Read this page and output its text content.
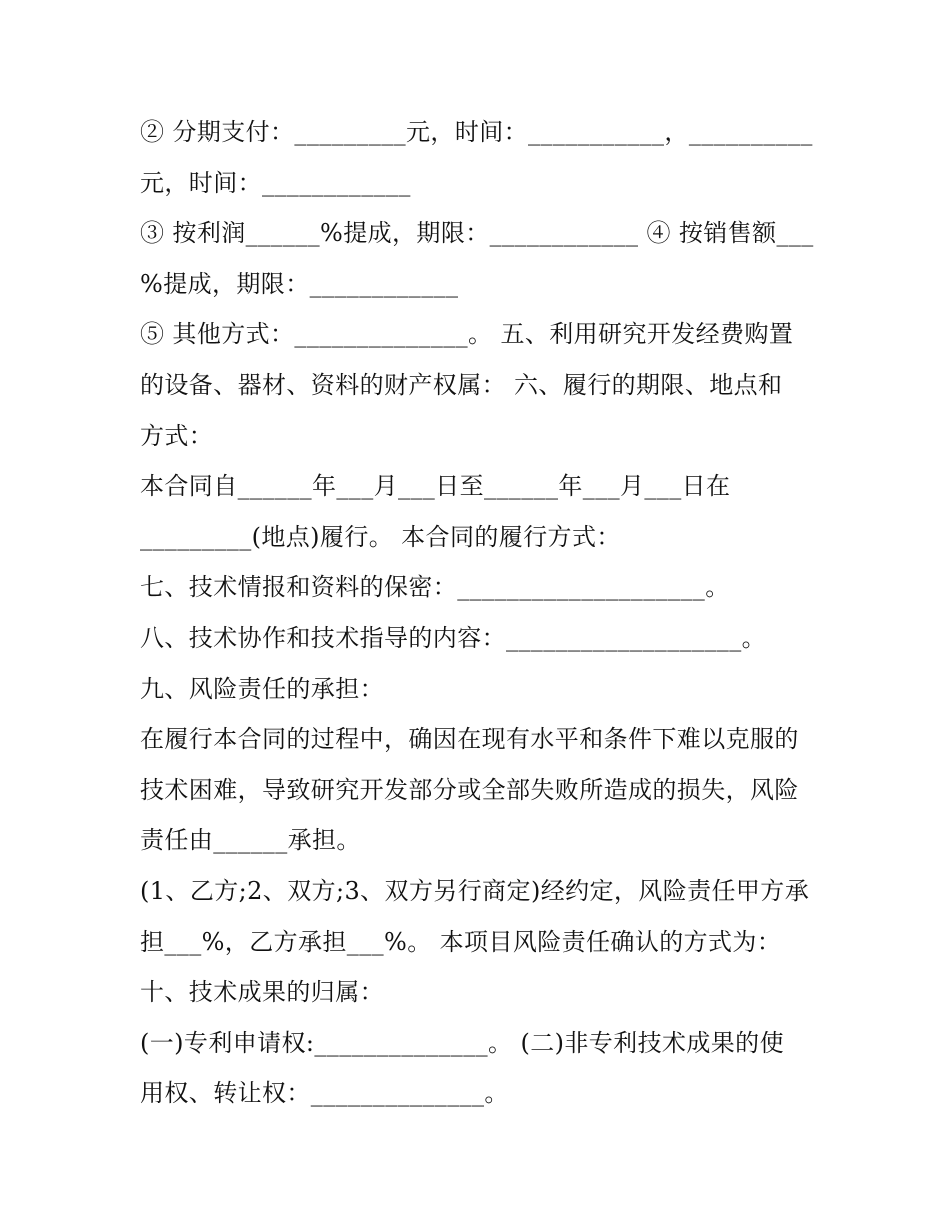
② 分期支付：_________元，时间：___________，__________
元，时间：____________
③ 按利润______%提成，期限：____________ ④ 按销售额___
%提成，期限：____________
⑤ 其他方式：______________。 五、利用研究开发经费购置
的设备、器材、资料的财产权属： 六、履行的期限、地点和
方式：
本合同自______年___月___日至______年___月___日在
_________(地点)履行。 本合同的履行方式：
七、技术情报和资料的保密：____________________。
八、技术协作和技术指导的内容：___________________。
九、风险责任的承担：
在履行本合同的过程中，确因在现有水平和条件下难以克服的
技术困难，导致研究开发部分或全部失败所造成的损失，风险
责任由______承担。
(1、乙方;2、双方;3、双方另行商定)经约定，风险责任甲方承
担___%，乙方承担___%。 本项目风险责任确认的方式为：
十、技术成果的归属：
(一)专利申请权:______________。 (二)非专利技术成果的使
用权、转让权：______________。
